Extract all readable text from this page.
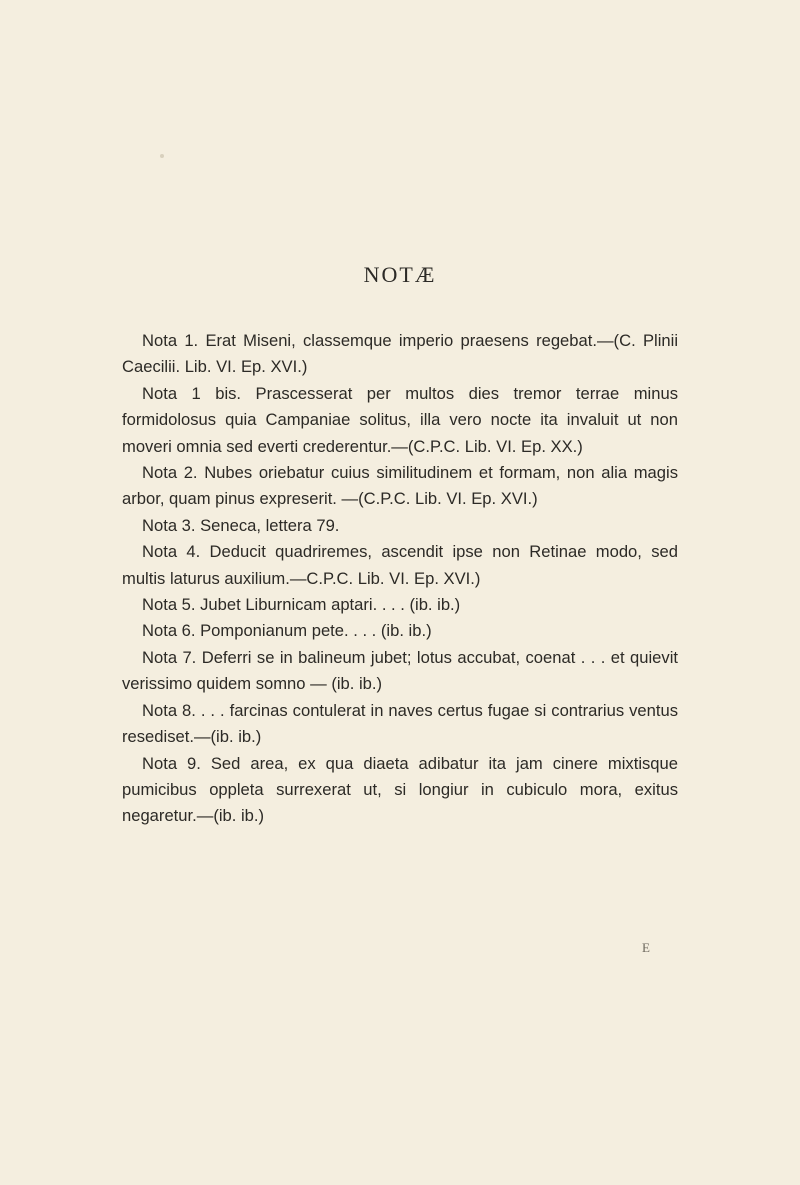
NOTÆ

Nota 1. Erat Miseni, classemque imperio praesens regebat.—(C. Plinii Caecilii. Lib. VI. Ep. XVI.)

Nota 1 bis. Prascesserat per multos dies tremor terrae minus formidolosus quia Campaniae solitus, illa vero nocte ita invaluit ut non moveri omnia sed everti crederentur.—(C.P.C. Lib. VI. Ep. XX.)

Nota 2. Nubes oriebatur cuius similitudinem et formam, non alia magis arbor, quam pinus expreserit. —(C.P.C. Lib. VI. Ep. XVI.)

Nota 3. Seneca, lettera 79.

Nota 4. Deducit quadriremes, ascendit ipse non Retinae modo, sed multis laturus auxilium.—C.P.C. Lib. VI. Ep. XVI.)

Nota 5. Jubet Liburnicam aptari. . . . (ib. ib.)

Nota 6. Pomponianum pete. . . . (ib. ib.)

Nota 7. Deferri se in balineum jubet; lotus accubat, coenat . . . et quievit verissimo quidem somno — (ib. ib.)

Nota 8. . . . farcinas contulerat in naves certus fugae si contrarius ventus resediset.—(ib. ib.)

Nota 9. Sed area, ex qua diaeta adibatur ita jam cinere mixtisque pumicibus oppleta surrexerat ut, si longiur in cubiculo mora, exitus negaretur.—(ib. ib.)

E
